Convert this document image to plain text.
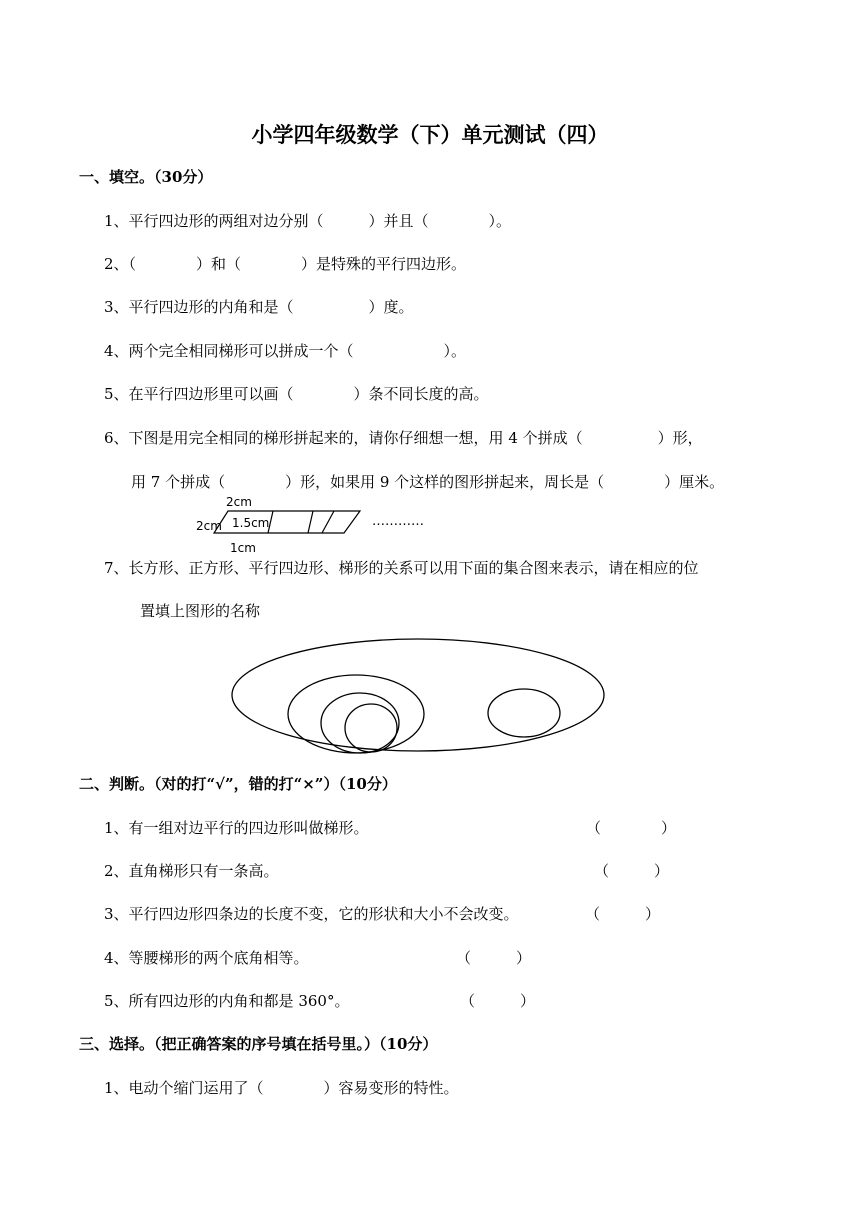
小学四年级数学（下）单元测试（四）
一、填空。（30分）
1、平行四边形的两组对边分别（　　　）并且（　　　　）。
2、（　　　　）和（　　　　）是特殊的平行四边形。
3、平行四边形的内角和是（　　　　　）度。
4、两个完全相同梯形可以拼成一个（　　　　　　）。
5、在平行四边形里可以画（　　　　）条不同长度的高。
6、下图是用完全相同的梯形拼起来的，请你仔细想一想，用 4 个拼成（　　　　　）形，
用 7 个拼成（　　　　）形，如果用 9 个这样的图形拼起来，周长是（　　　　）厘米。
2cm
2cm 1.5cm
1cm
…………
7、长方形、正方形、平行四边形、梯形的关系可以用下面的集合图来表示，请在相应的位
置填上图形的名称
二、判断。（对的打“√”，错的打“×”）（10分）
1、有一组对边平行的四边形叫做梯形。	（　　　　）
2、直角梯形只有一条高。	（　　　）
3、平行四边形四条边的长度不变，它的形状和大小不会改变。	（　　　）
4、等腰梯形的两个底角相等。	（　　　）
5、所有四边形的内角和都是 360°。	（　　　）
三、选择。（把正确答案的序号填在括号里。）（10分）
1、电动个缩门运用了（　　　　）容易变形的特性。
